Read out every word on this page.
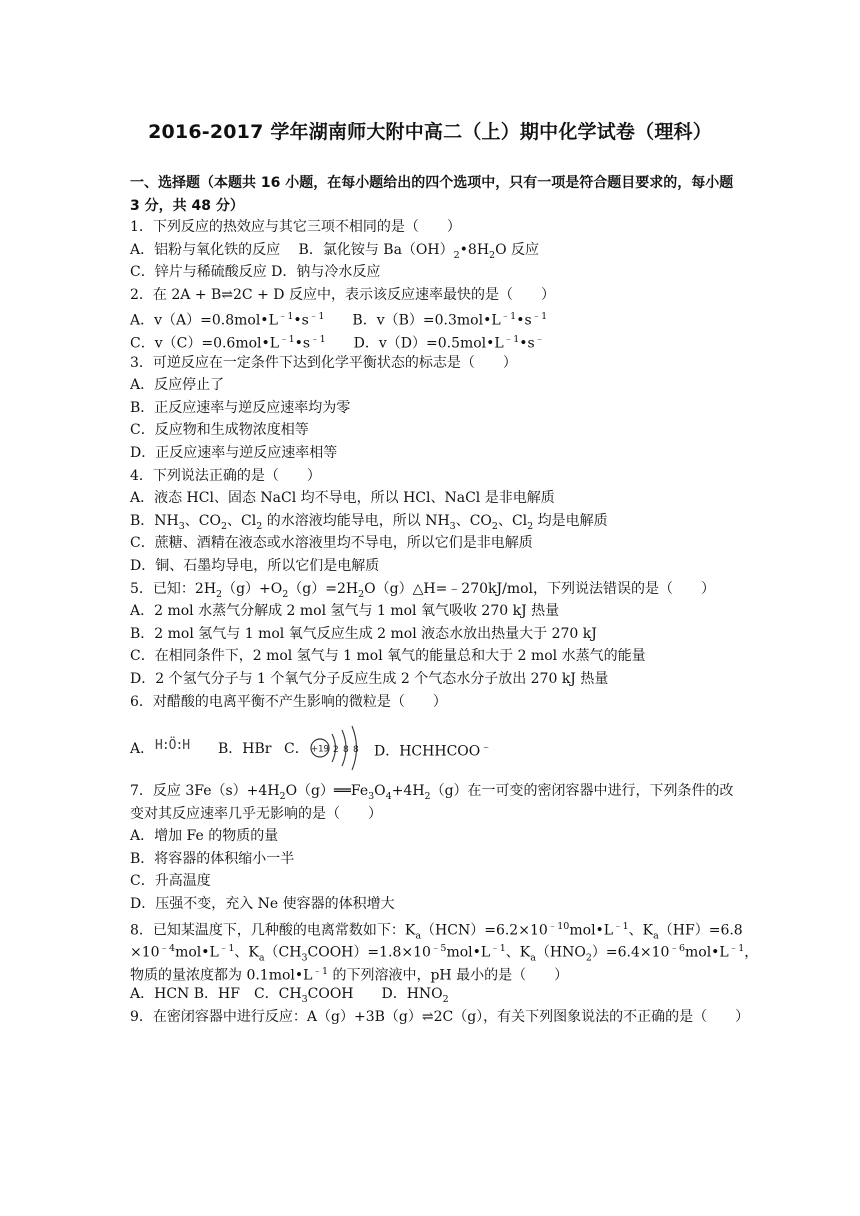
2016-2017 学年湖南师大附中高二（上）期中化学试卷（理科）
一、选择题（本题共 16 小题，在每小题给出的四个选项中，只有一项是符合题目要求的，每小题 3 分，共 48 分）
1．下列反应的热效应与其它三项不相同的是（　　）
A．铝粉与氧化铁的反应　 B．氯化铵与 $Ba(OH)_2•8H_2O$ 反应
C．锌片与稀硫酸反应 D．钠与冷水反应
2．在 2A + B⇌2C + D 反应中，表示该反应速率最快的是（　　）
A．$v(A)=0.8mol•L^{﹣1}•s^{﹣1}$　　B．$v(B)=0.3mol•L^{﹣1}•s^{﹣1}$
C．$v(C)=0.6mol•L^{﹣1}•s^{﹣1}$　　D．$v(D)=0.5mol•L^{﹣1}•s^﹣$
3．可逆反应在一定条件下达到化学平衡状态的标志是（　　）
A．反应停止了
B．正反应速率与逆反应速率均为零
C．反应物和生成物浓度相等
D．正反应速率与逆反应速率相等
4．下列说法正确的是（　　）
A．液态 HCl、固态 NaCl 均不导电，所以 HCl、NaCl 是非电解质
B．$NH_3$、$CO_2$、$Cl_2$ 的水溶液均能导电，所以 $NH_3$、$CO_2$、$Cl_2$ 均是电解质
C．蔗糖、酒精在液态或水溶液里均不导电，所以它们是非电解质
D．铜、石墨均导电，所以它们是电解质
5．已知：$2H_2(g)+O_2(g)=2H_2O(g)\triangle H=﹣270kJ$/mol，下列说法错误的是（　　）
A．2 mol 水蒸气分解成 2 mol 氢气与 1 mol 氧气吸收 270 kJ 热量
B．2 mol 氢气与 1 mol 氧气反应生成 2 mol 液态水放出热量大于 270 kJ
C．在相同条件下，2 mol 氢气与 1 mol 氧气的能量总和大于 2 mol 水蒸气的能量
D．2 个氢气分子与 1 个氧气分子反应生成 2 个气态水分子放出 270 kJ 热量
6．对醋酸的电离平衡不产生影响的微粒是（　　）
A． H:Ö:H B．HBr C． +19 2 8 8 D．HCHHCOO﹣
7．反应 $3Fe(s)+4H_2O(g)══Fe_3O_4+4H_2(g)$在一可变的密闭容器中进行，下列条件的改
变对其反应速率几乎无影响的是（　　）
A．增加 Fe 的物质的量
B．将容器的体积缩小一半
C．升高温度
D．压强不变，充入 Ne 使容器的体积增大
8．已知某温度下，几种酸的电离常数如下：$K_a(HCN)=6.2\times 10^{﹣10}mol•L^{﹣1}$、$K_a(HF)=6.8$
$\times 10^{﹣4}mol•L^{﹣1}$、$K_a(CH_3COOH)=1.8\times 10^{﹣5}mol•L^{﹣1}$、$K_a(HNO_2)=6.4\times 10^{﹣6}mol•L^{﹣1}$，
物质的量浓度都为 $0.1mol•L^{﹣1}$ 的下列溶液中，pH 最小的是（　　）
A．HCN B．HF　C．$CH_3COOH$　　D．$HNO_2$
9．在密闭容器中进行反应：A（g）+3B（g）⇌2C（g），有关下列图象说法的不正确的是（　　）
